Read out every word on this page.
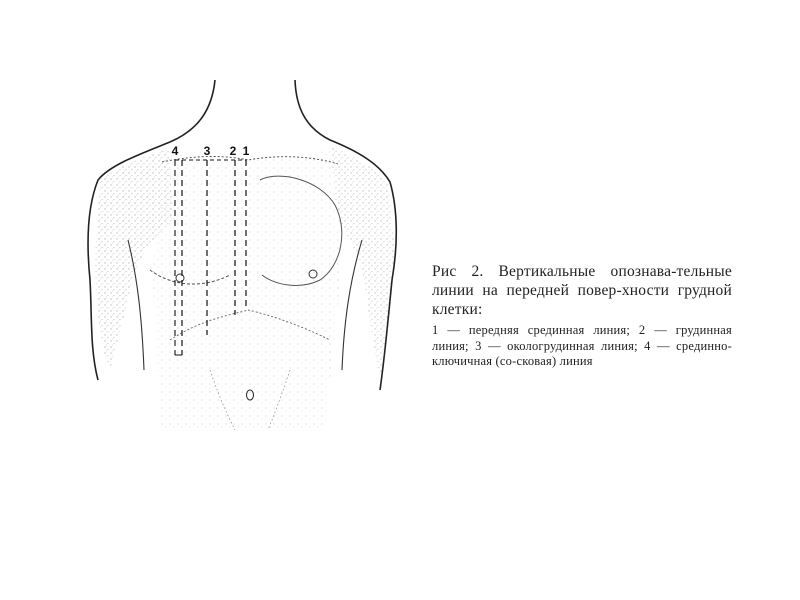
4 3 2 1

Рис 2. Вертикальные опознава-тельные линии на передней повер-хности грудной клетки:

1 — передняя срединная линия; 2 — грудинная линия; 3 — окологрудинная линия; 4 — срединно-ключичная (со-сковая) линия
